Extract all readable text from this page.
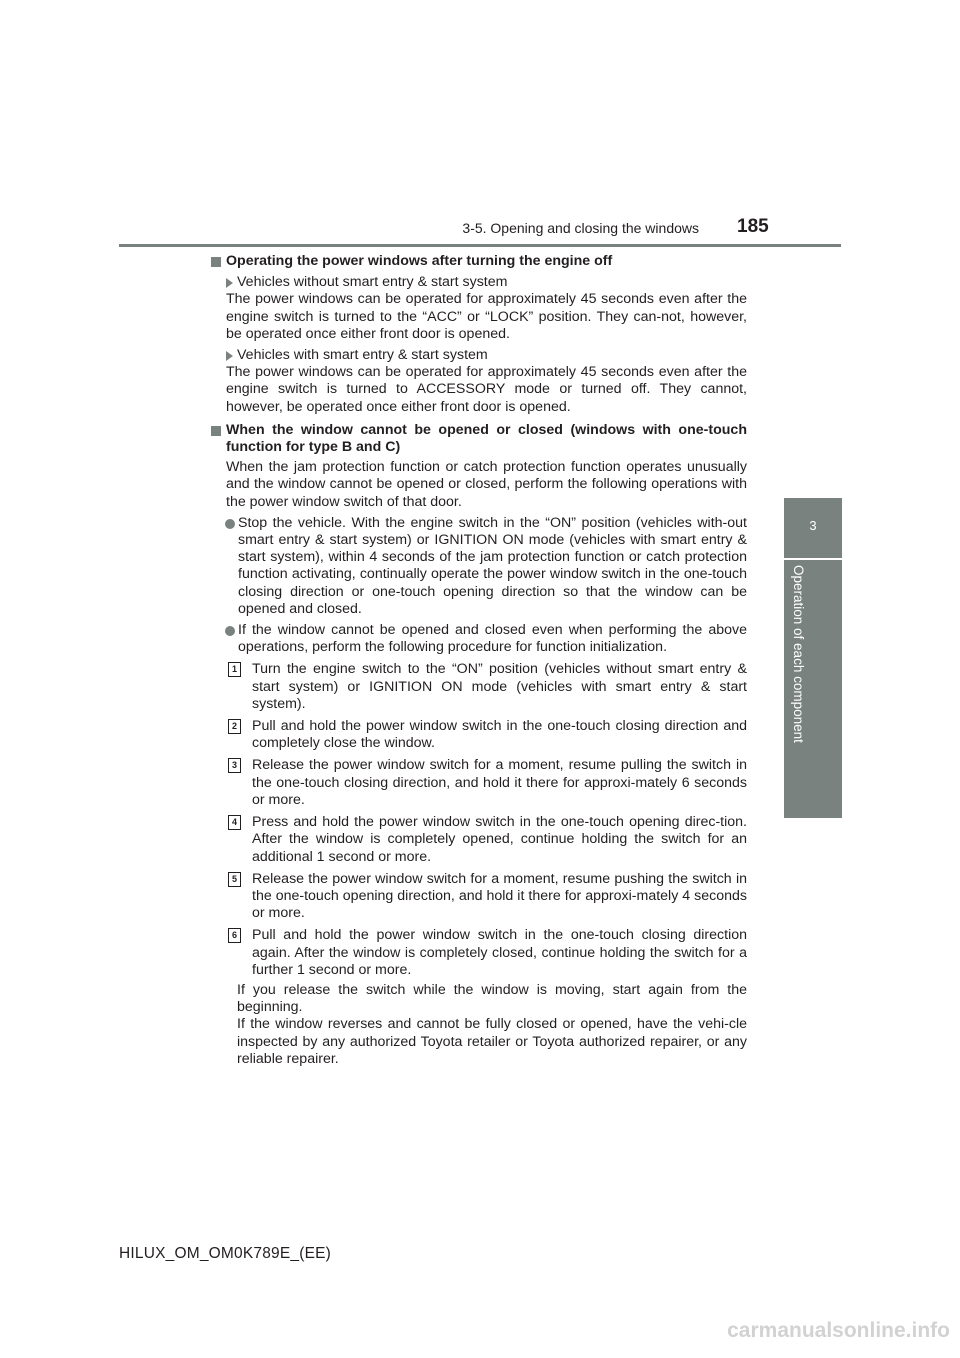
3-5. Opening and closing the windows 185
3
Operation of each component

Operating the power windows after turning the engine off

Vehicles without smart entry & start system

The power windows can be operated for approximately 45 seconds even after the engine switch is turned to the “ACC” or “LOCK” position. They can-not, however, be operated once either front door is opened.

Vehicles with smart entry & start system

The power windows can be operated for approximately 45 seconds even after the engine switch is turned to ACCESSORY mode or turned off. They cannot, however, be operated once either front door is opened.

When the window cannot be opened or closed (windows with one-touch function for type B and C)

When the jam protection function or catch protection function operates unusually and the window cannot be opened or closed, perform the following operations with the power window switch of that door.

Stop the vehicle. With the engine switch in the “ON” position (vehicles with-out smart entry & start system) or IGNITION ON mode (vehicles with smart entry & start system), within 4 seconds of the jam protection function or catch protection function activating, continually operate the power window switch in the one-touch closing direction or one-touch opening direction so that the window can be opened and closed.

If the window cannot be opened and closed even when performing the above operations, perform the following procedure for function initialization.

1 Turn the engine switch to the “ON” position (vehicles without smart entry & start system) or IGNITION ON mode (vehicles with smart entry & start system).

2 Pull and hold the power window switch in the one-touch closing direction and completely close the window.

3 Release the power window switch for a moment, resume pulling the switch in the one-touch closing direction, and hold it there for approxi-mately 6 seconds or more.

4 Press and hold the power window switch in the one-touch opening direc-tion. After the window is completely opened, continue holding the switch for an additional 1 second or more.

5 Release the power window switch for a moment, resume pushing the switch in the one-touch opening direction, and hold it there for approxi-mately 4 seconds or more.

6 Pull and hold the power window switch in the one-touch closing direction again. After the window is completely closed, continue holding the switch for a further 1 second or more.

If you release the switch while the window is moving, start again from the beginning.

If the window reverses and cannot be fully closed or opened, have the vehi-cle inspected by any authorized Toyota retailer or Toyota authorized repairer, or any reliable repairer.

HILUX_OM_OM0K789E_(EE)
carmanualsonline.info
